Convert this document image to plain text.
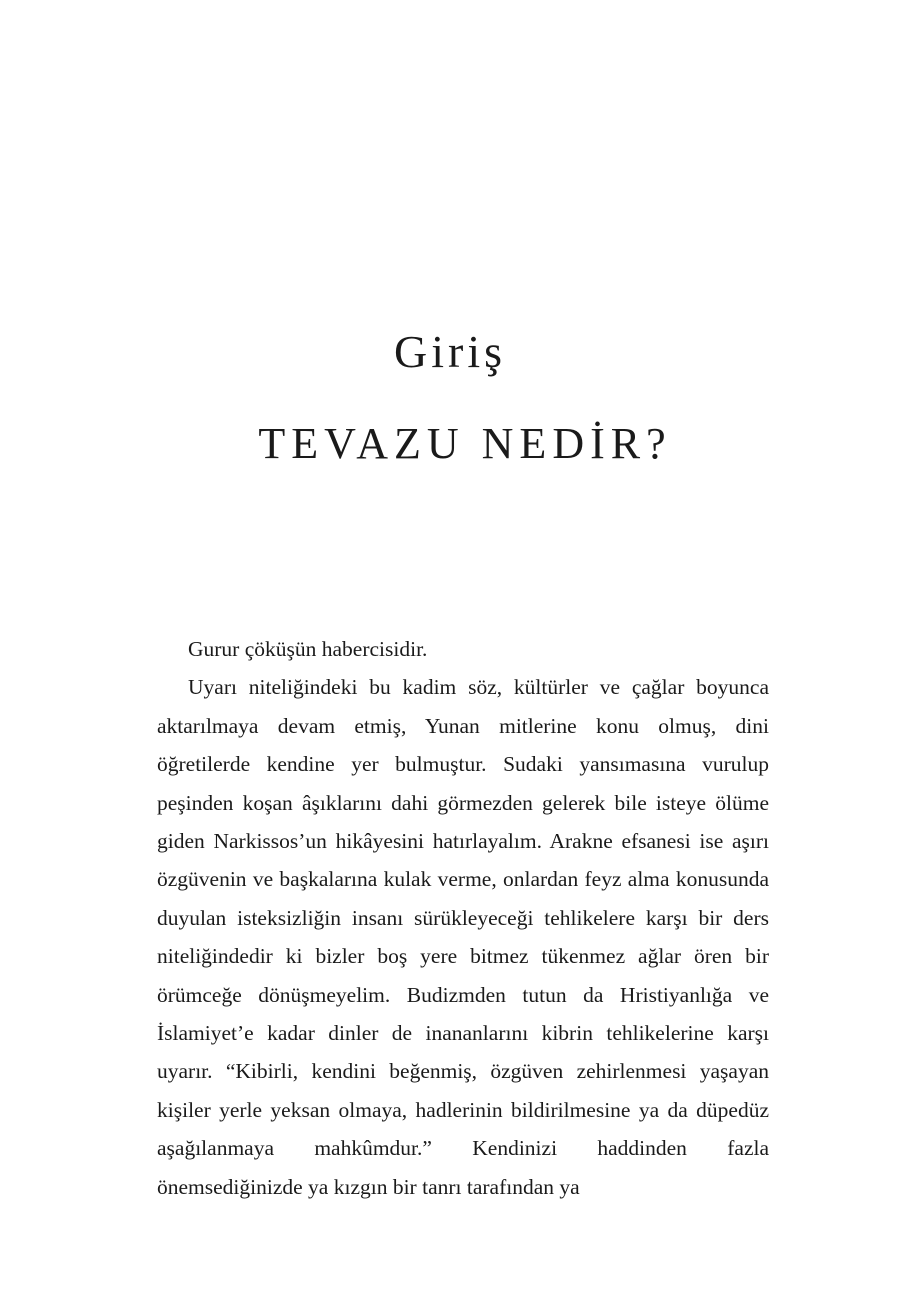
Giriş
TEVAZU NEDİR?

Gurur çöküşün habercisidir.

Uyarı niteliğindeki bu kadim söz, kültürler ve çağlar boyunca aktarılmaya devam etmiş, Yunan mitlerine konu olmuş, dini öğretilerde kendine yer bulmuştur. Sudaki yansımasına vurulup peşinden koşan âşıklarını dahi görmezden gelerek bile isteye ölüme giden Narkissos’un hikâyesini hatırlayalım. Arakne efsanesi ise aşırı özgüvenin ve başkalarına kulak verme, onlardan feyz alma konusunda duyulan isteksizliğin insanı sürükleyeceği tehlikelere karşı bir ders niteliğindedir ki bizler boş yere bitmez tükenmez ağlar ören bir örümceğe dönüşmeyelim. Budizmden tutun da Hristiyanlığa ve İslamiyet’e kadar dinler de inananlarını kibrin tehlikelerine karşı uyarır. “Kibirli, kendini beğenmiş, özgüven zehirlenmesi yaşayan kişiler yerle yeksan olmaya, hadlerinin bildirilmesine ya da düpedüz aşağılanmaya mahkûmdur.” Kendinizi haddinden fazla önemsediğinizde ya kızgın bir tanrı tarafından ya
